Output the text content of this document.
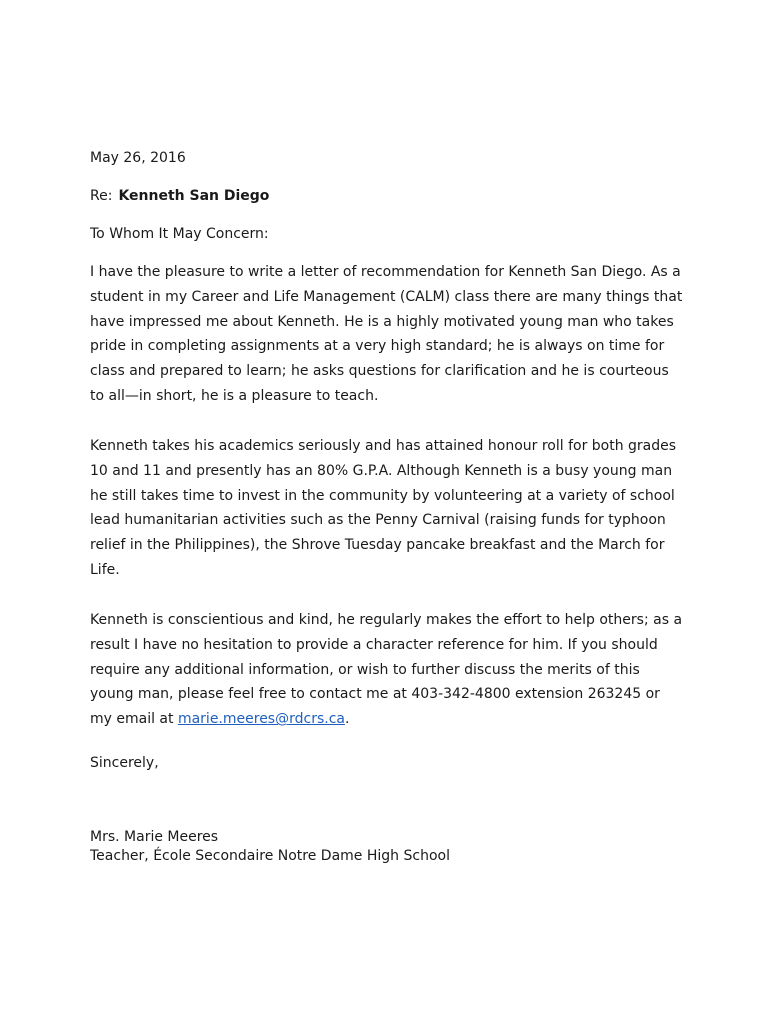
May 26, 2016
Re: Kenneth San Diego
To Whom It May Concern:
I have the pleasure to write a letter of recommendation for Kenneth San Diego. As a
student in my Career and Life Management (CALM) class there are many things that
have impressed me about Kenneth. He is a highly motivated young man who takes
pride in completing assignments at a very high standard; he is always on time for
class and prepared to learn; he asks questions for clarification and he is courteous
to all—in short, he is a pleasure to teach.
Kenneth takes his academics seriously and has attained honour roll for both grades
10 and 11 and presently has an 80% G.P.A. Although Kenneth is a busy young man
he still takes time to invest in the community by volunteering at a variety of school
lead humanitarian activities such as the Penny Carnival (raising funds for typhoon
relief in the Philippines), the Shrove Tuesday pancake breakfast and the March for
Life.
Kenneth is conscientious and kind, he regularly makes the effort to help others; as a
result I have no hesitation to provide a character reference for him. If you should
require any additional information, or wish to further discuss the merits of this
young man, please feel free to contact me at 403-342-4800 extension 263245 or
my email at marie.meeres@rdcrs.ca.
Sincerely,
Mrs. Marie Meeres
Teacher, École Secondaire Notre Dame High School
